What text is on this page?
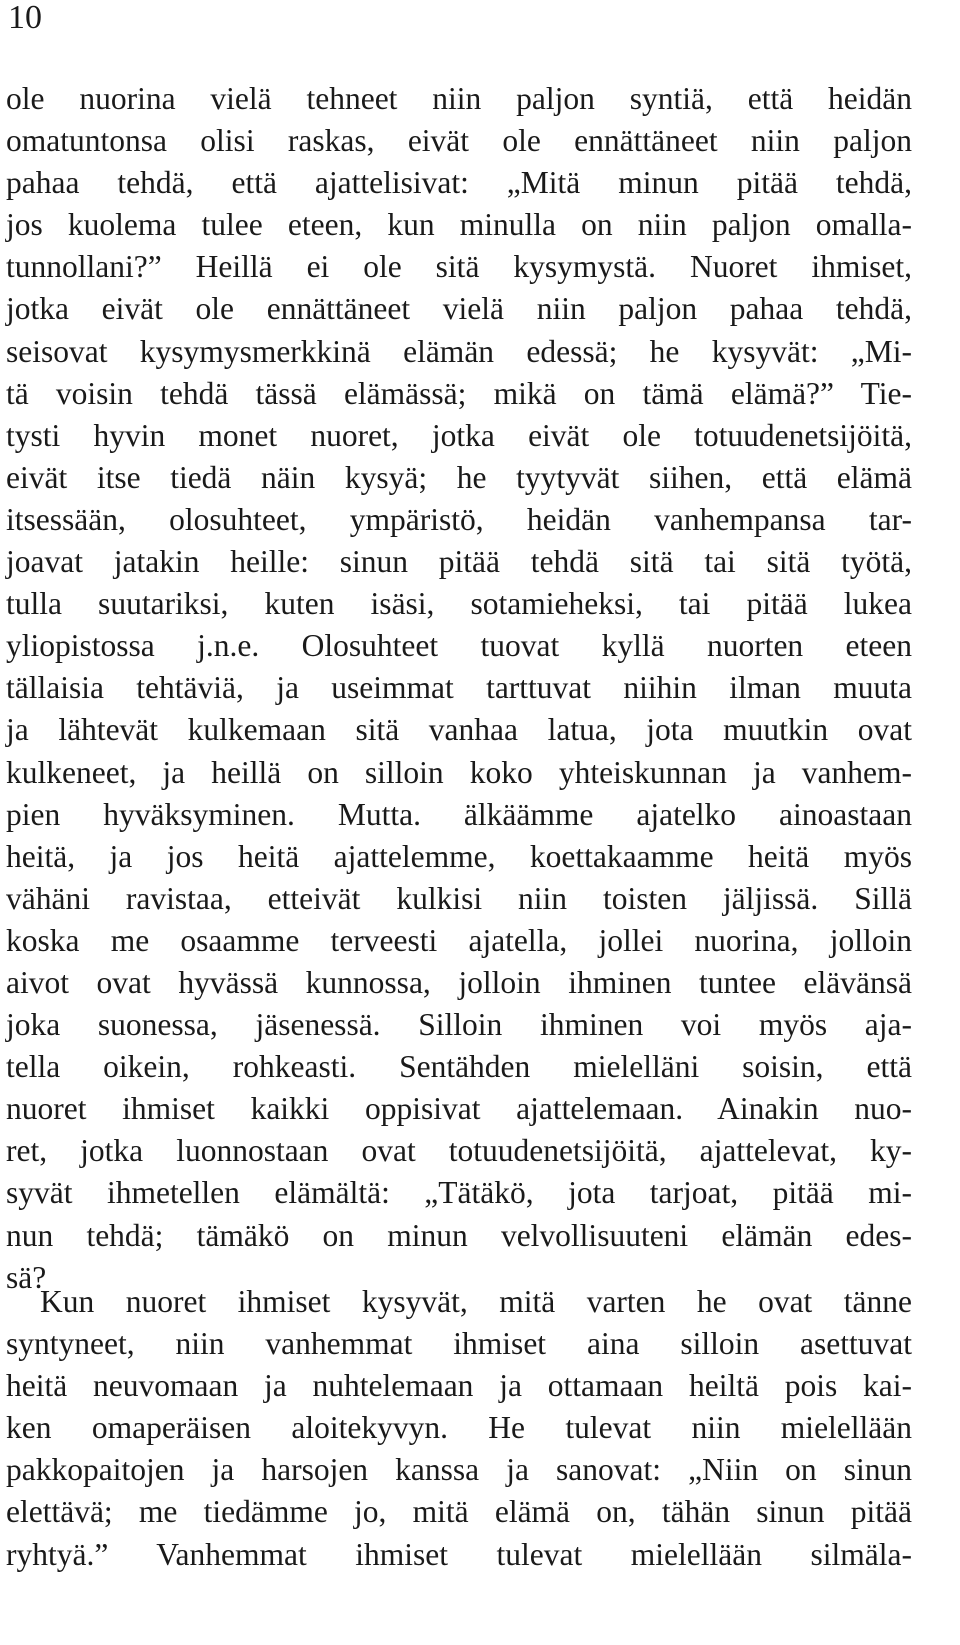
10
ole nuorina vielä tehneet niin paljon syntiä, että heidän
omatuntonsa olisi raskas, eivät ole ennättäneet niin paljon
pahaa tehdä, että ajattelisivat: „Mitä minun pitää tehdä,
jos kuolema tulee eteen, kun minulla on niin paljon omalla-
tunnollani?” Heillä ei ole sitä kysymystä. Nuoret ihmiset,
jotka eivät ole ennättäneet vielä niin paljon pahaa tehdä,
seisovat kysymysmerkkinä elämän edessä; he kysyvät: „Mi-
tä voisin tehdä tässä elämässä; mikä on tämä elämä?” Tie-
tysti hyvin monet nuoret, jotka eivät ole totuudenetsijöitä,
eivät itse tiedä näin kysyä; he tyytyvät siihen, että elämä
itsessään, olosuhteet, ympäristö, heidän vanhempansa tar-
joavat jatakin heille: sinun pitää tehdä sitä tai sitä työtä,
tulla suutariksi, kuten isäsi, sotamieheksi, tai pitää lukea
yliopistossa j.n.e. Olosuhteet tuovat kyllä nuorten eteen
tällaisia tehtäviä, ja useimmat tarttuvat niihin ilman muuta
ja lähtevät kulkemaan sitä vanhaa latua, jota muutkin ovat
kulkeneet, ja heillä on silloin koko yhteiskunnan ja vanhem-
pien hyväksyminen. Mutta. älkäämme ajatelko ainoastaan
heitä, ja jos heitä ajattelemme, koettakaamme heitä myös
vähäni ravistaa, etteivät kulkisi niin toisten jäljissä. Sillä
koska me osaamme terveesti ajatella, jollei nuorina, jolloin
aivot ovat hyvässä kunnossa, jolloin ihminen tuntee elävänsä
joka suonessa, jäsenessä. Silloin ihminen voi myös aja-
tella oikein, rohkeasti. Sentähden mielelläni soisin, että
nuoret ihmiset kaikki oppisivat ajattelemaan. Ainakin nuo-
ret, jotka luonnostaan ovat totuudenetsijöitä, ajattelevat, ky-
syvät ihmetellen elämältä: „Tätäkö, jota tarjoat, pitää mi-
nun tehdä; tämäkö on minun velvollisuuteni elämän edes-
sä?
Kun nuoret ihmiset kysyvät, mitä varten he ovat tänne
syntyneet, niin vanhemmat ihmiset aina silloin asettuvat
heitä neuvomaan ja nuhtelemaan ja ottamaan heiltä pois kai-
ken omaperäisen aloitekyvyn. He tulevat niin mielellään
pakkopaitojen ja harsojen kanssa ja sanovat: „Niin on sinun
elettävä; me tiedämme jo, mitä elämä on, tähän sinun pitää
ryhtyä.” Vanhemmat ihmiset tulevat mielellään silmäla-
